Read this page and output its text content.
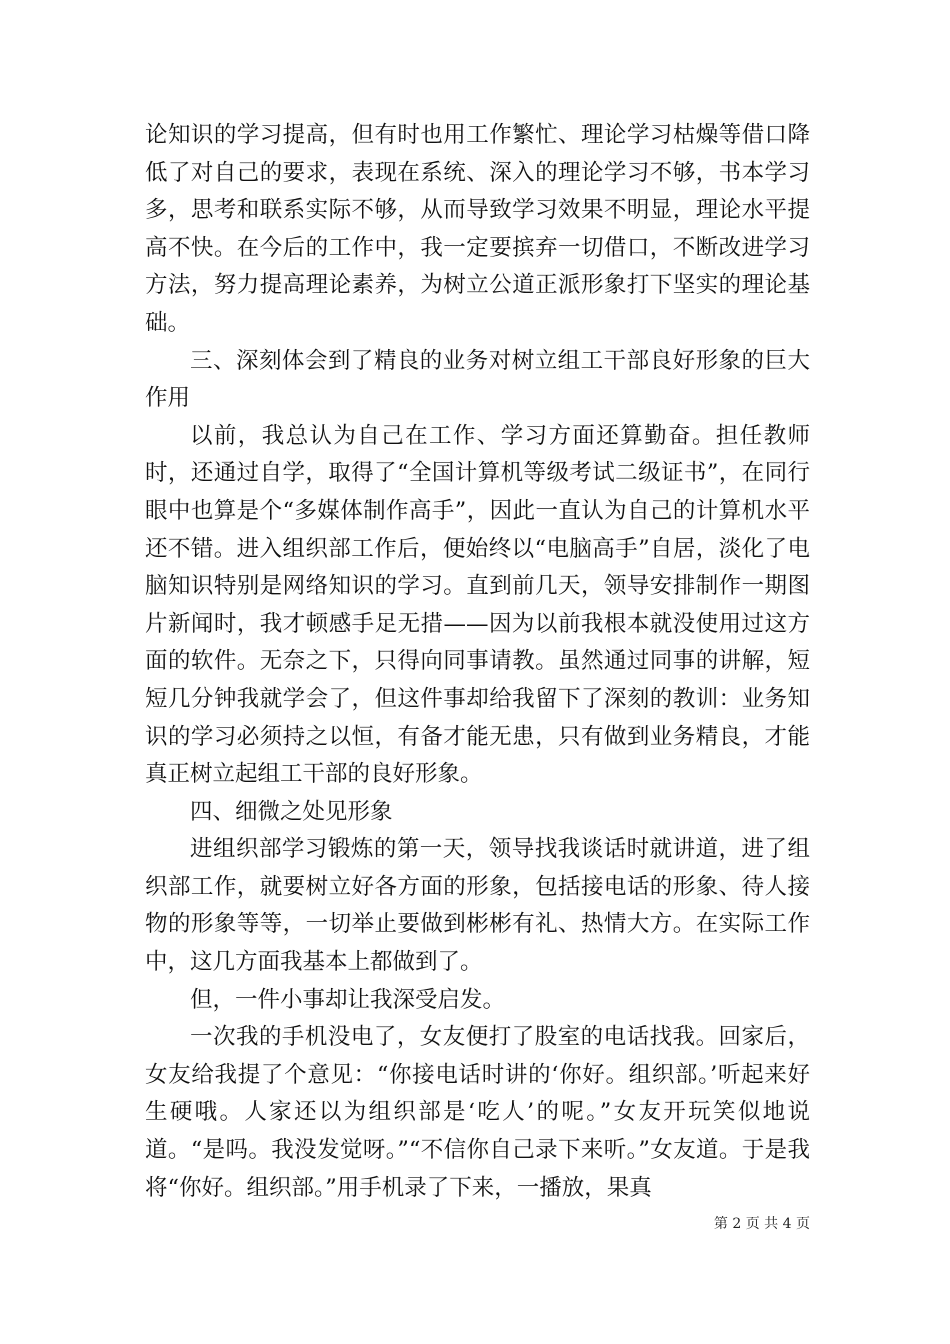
论知识的学习提高，但有时也用工作繁忙、理论学习枯燥等借口降低了对自己的要求，表现在系统、深入的理论学习不够，书本学习多，思考和联系实际不够，从而导致学习效果不明显，理论水平提高不快。在今后的工作中，我一定要摈弃一切借口，不断改进学习方法，努力提高理论素养，为树立公道正派形象打下坚实的理论基础。

三、深刻体会到了精良的业务对树立组工干部良好形象的巨大作用

以前，我总认为自己在工作、学习方面还算勤奋。担任教师时，还通过自学，取得了“全国计算机等级考试二级证书”，在同行眼中也算是个“多媒体制作高手”，因此一直认为自己的计算机水平还不错。进入组织部工作后，便始终以“电脑高手”自居，淡化了电脑知识特别是网络知识的学习。直到前几天，领导安排制作一期图片新闻时，我才顿感手足无措——因为以前我根本就没使用过这方面的软件。无奈之下，只得向同事请教。虽然通过同事的讲解，短短几分钟我就学会了，但这件事却给我留下了深刻的教训：业务知识的学习必须持之以恒，有备才能无患，只有做到业务精良，才能真正树立起组工干部的良好形象。

四、细微之处见形象

进组织部学习锻炼的第一天，领导找我谈话时就讲道，进了组织部工作，就要树立好各方面的形象，包括接电话的形象、待人接物的形象等等，一切举止要做到彬彬有礼、热情大方。在实际工作中，这几方面我基本上都做到了。

但，一件小事却让我深受启发。

一次我的手机没电了，女友便打了股室的电话找我。回家后，女友给我提了个意见：“你接电话时讲的‘你好。组织部。’听起来好生硬哦。人家还以为组织部是‘吃人’的呢。”女友开玩笑似地说道。“是吗。我没发觉呀。”“不信你自己录下来听。”女友道。于是我将“你好。组织部。”用手机录了下来，一播放，果真

第 2 页 共 4 页
